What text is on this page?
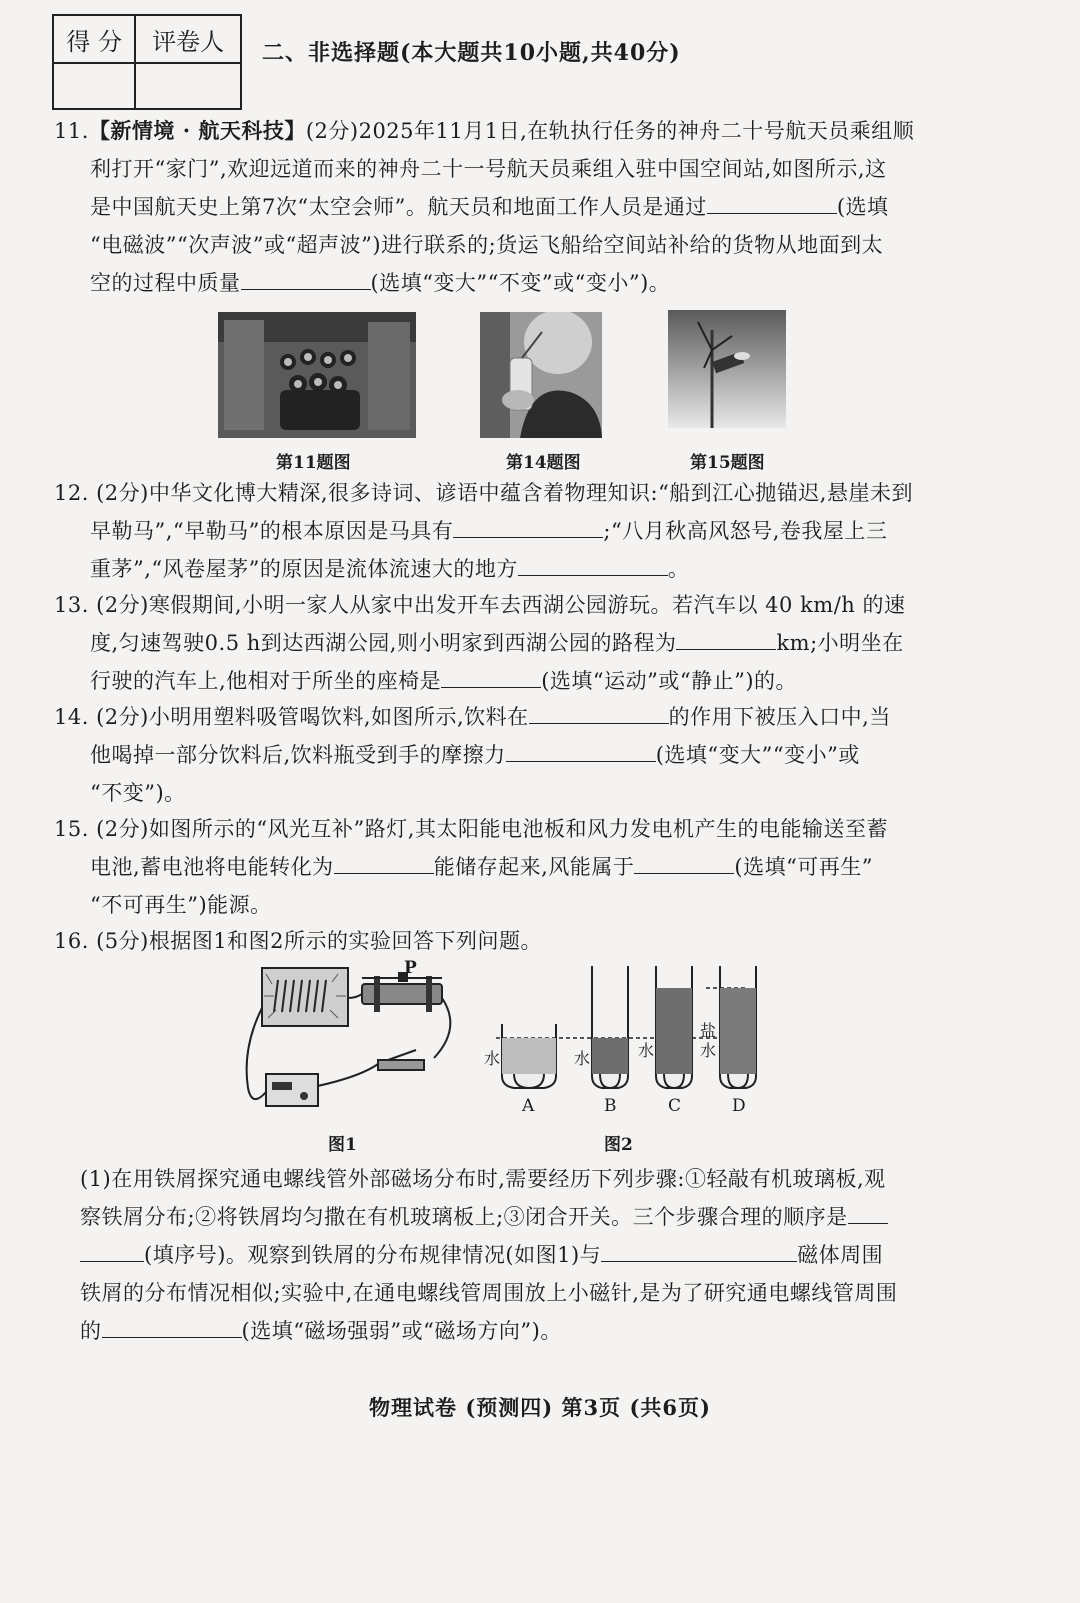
得 分	评卷人
	二、非选择题(本大题共10小题,共40分)
11.【新情境 · 航天科技】(2分)2025年11月1日,在轨执行任务的神舟二十号航天员乘组顺
利打开“家门”,欢迎远道而来的神舟二十一号航天员乘组入驻中国空间站,如图所示,这
是中国航天史上第7次“太空会师”。航天员和地面工作人员是通过	(选填
“电磁波”“次声波”或“超声波”)进行联系的;货运飞船给空间站补给的货物从地面到太
空的过程中质量	(选填“变大”“不变”或“变小”)。
第11题图	第14题图	第15题图
12. (2分)中华文化博大精深,很多诗词、谚语中蕴含着物理知识:“船到江心抛锚迟,悬崖未到
早勒马”,“早勒马”的根本原因是马具有	;“八月秋高风怒号,卷我屋上三
重茅”,“风卷屋茅”的原因是流体流速大的地方	。
13. (2分)寒假期间,小明一家人从家中出发开车去西湖公园游玩。若汽车以 40 km/h 的速
度,匀速驾驶0.5 h到达西湖公园,则小明家到西湖公园的路程为	km;小明坐在
行驶的汽车上,他相对于所坐的座椅是	(选填“运动”或“静止”)的。
14. (2分)小明用塑料吸管喝饮料,如图所示,饮料在	的作用下被压入口中,当
他喝掉一部分饮料后,饮料瓶受到手的摩擦力	(选填“变大”“变小”或
“不变”)。
15. (2分)如图所示的“风光互补”路灯,其太阳能电池板和风力发电机产生的电能输送至蓄
电池,蓄电池将电能转化为	能储存起来,风能属于	(选填“可再生”
“不可再生”)能源。
16. (5分)根据图1和图2所示的实验回答下列问题。
P
图1
水	水	水
盐
水
A	B	C	D
图2
(1)在用铁屑探究通电螺线管外部磁场分布时,需要经历下列步骤:①轻敲有机玻璃板,观
察铁屑分布;②将铁屑均匀撒在有机玻璃板上;③闭合开关。三个步骤合理的顺序是
(填序号)。观察到铁屑的分布规律情况(如图1)与	磁体周围
铁屑的分布情况相似;实验中,在通电螺线管周围放上小磁针,是为了研究通电螺线管周围
的	(选填“磁场强弱”或“磁场方向”)。
物理试卷 (预测四) 第3页 (共6页)
